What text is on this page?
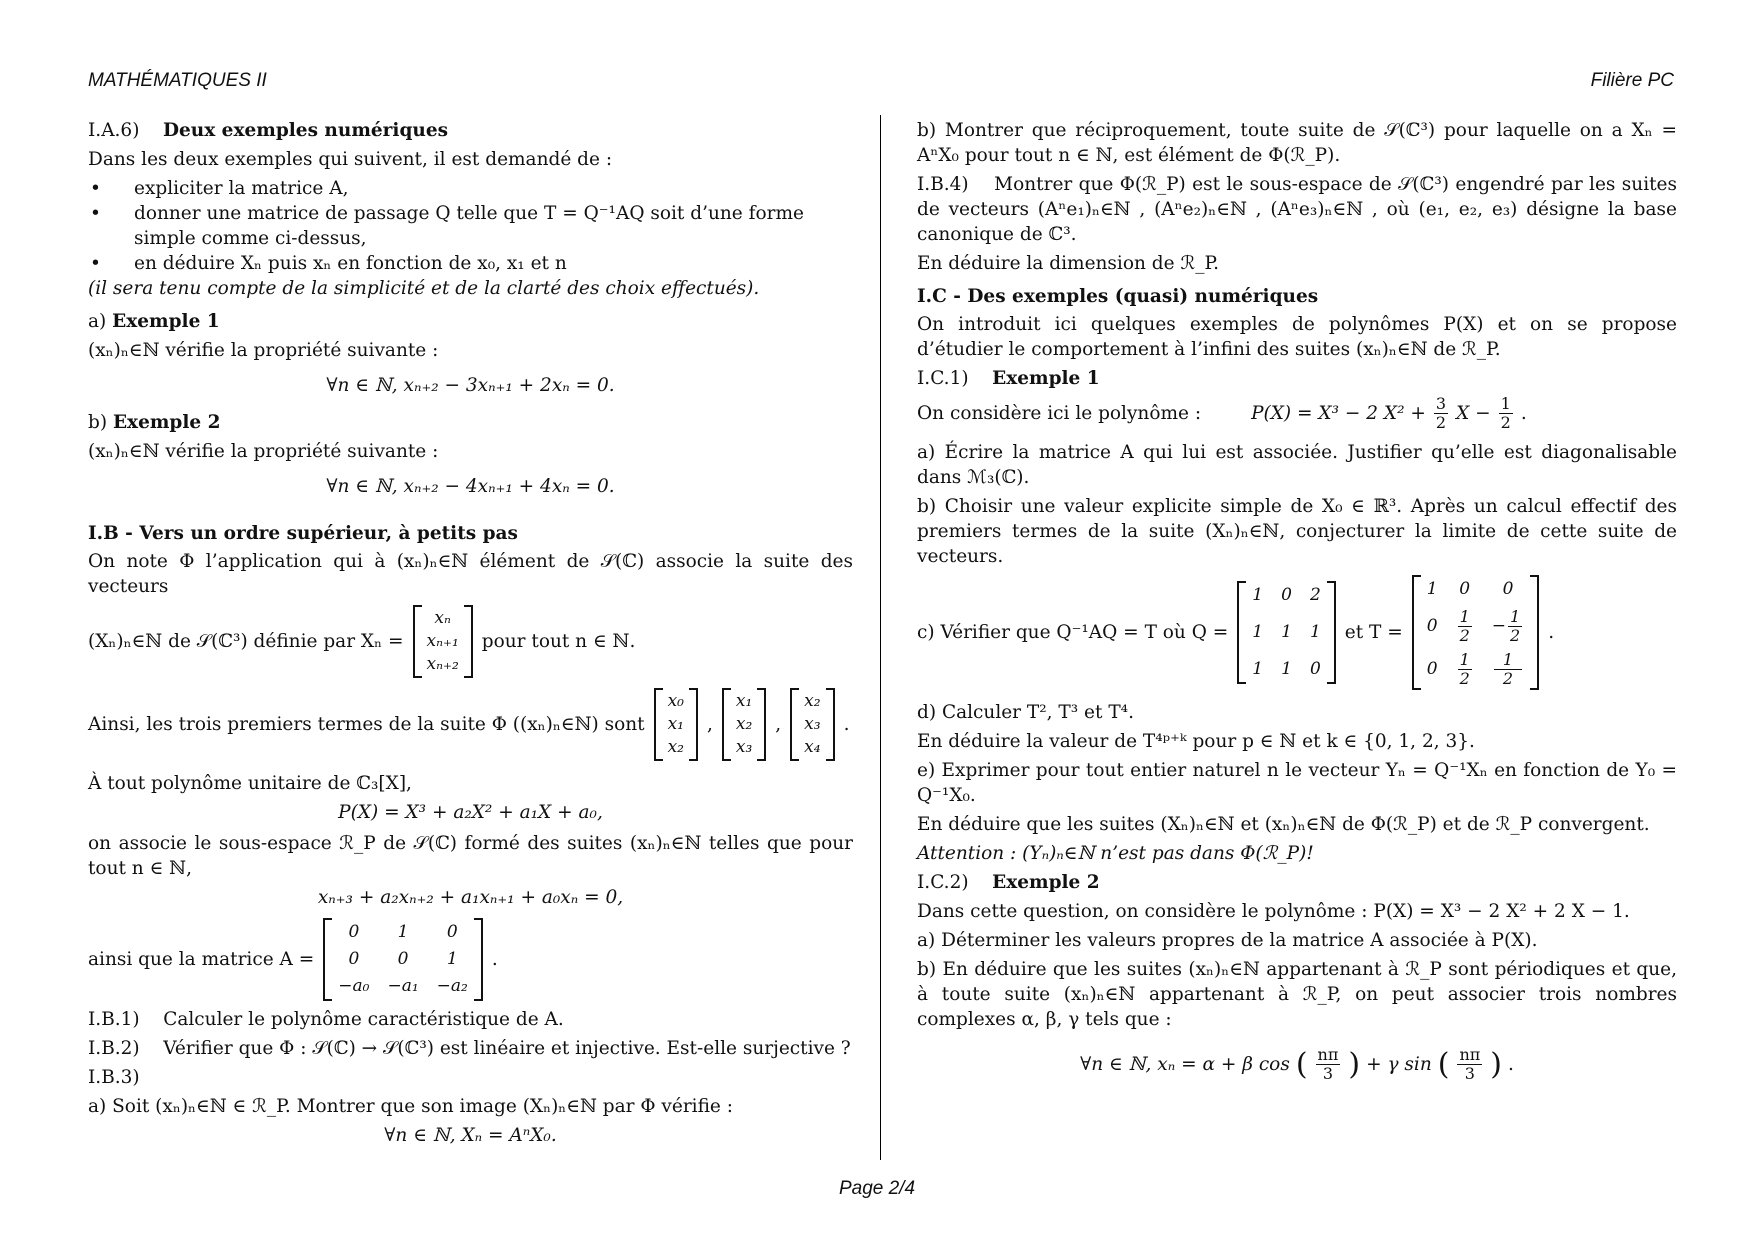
MATHÉMATIQUES II	Filière PC
I.A.6) Deux exemples numériques
Dans les deux exemples qui suivent, il est demandé de :
• expliciter la matrice A,
• donner une matrice de passage Q telle que T = Q⁻¹AQ soit d’une forme simple comme ci-dessus,
• en déduire Xₙ puis xₙ en fonction de x₀, x₁ et n
(il sera tenu compte de la simplicité et de la clarté des choix effectués).
a) Exemple 1
(xₙ)ₙ∈ℕ vérifie la propriété suivante :
∀n ∈ ℕ, xₙ₊₂ − 3xₙ₊₁ + 2xₙ = 0.
b) Exemple 2
(xₙ)ₙ∈ℕ vérifie la propriété suivante :
∀n ∈ ℕ, xₙ₊₂ − 4xₙ₊₁ + 4xₙ = 0.
I.B - Vers un ordre supérieur, à petits pas
On note Φ l’application qui à (xₙ)ₙ∈ℕ élément de 𝒮(ℂ) associe la suite des vecteurs
(Xₙ)ₙ∈ℕ de 𝒮(ℂ³) définie par Xₙ =
xₙ
xₙ₊₁
xₙ₊₂
pour tout n ∈ ℕ.
Ainsi, les trois premiers termes de la suite Φ ((xₙ)ₙ∈ℕ) sont
x₀
x₁
x₂
,
x₁
x₂
x₃
,
x₂
x₃
x₄
.
À tout polynôme unitaire de ℂ₃[X],
P(X) = X³ + a₂X² + a₁X + a₀,
on associe le sous-espace ℛ_P de 𝒮(ℂ) formé des suites (xₙ)ₙ∈ℕ telles que pour tout n ∈ ℕ,
xₙ₊₃ + a₂xₙ₊₂ + a₁xₙ₊₁ + a₀xₙ = 0,
ainsi que la matrice A =
0	1	0
0	0	1
−a₀ −a₁ −a₂
.
I.B.1) Calculer le polynôme caractéristique de A.
I.B.2) Vérifier que Φ : 𝒮(ℂ) → 𝒮(ℂ³) est linéaire et injective. Est-elle surjective ?
I.B.3)
a) Soit (xₙ)ₙ∈ℕ ∈ ℛ_P. Montrer que son image (Xₙ)ₙ∈ℕ par Φ vérifie :
∀n ∈ ℕ, Xₙ = AⁿX₀.
b) Montrer que réciproquement, toute suite de 𝒮(ℂ³) pour laquelle on a Xₙ = AⁿX₀ pour tout n ∈ ℕ, est élément de Φ(ℛ_P).
I.B.4) Montrer que Φ(ℛ_P) est le sous-espace de 𝒮(ℂ³) engendré par les suites de vecteurs (Aⁿe₁)ₙ∈ℕ , (Aⁿe₂)ₙ∈ℕ , (Aⁿe₃)ₙ∈ℕ , où (e₁, e₂, e₃) désigne la base canonique de ℂ³.
En déduire la dimension de ℛ_P.
I.C - Des exemples (quasi) numériques
On introduit ici quelques exemples de polynômes P(X) et on se propose d’étudier le comportement à l’infini des suites (xₙ)ₙ∈ℕ de ℛ_P.
I.C.1) Exemple 1
On considère ici le polynôme :	P(X) = X³ − 2 $X^2 + \frac{3}{2}$ $X - \frac{1}{2}$ .
a) Écrire la matrice A qui lui est associée. Justifier qu’elle est diagonalisable dans ℳ₃(ℂ).
b) Choisir une valeur explicite simple de X₀ ∈ ℝ³. Après un calcul effectif des premiers termes de la suite (Xₙ)ₙ∈ℕ, conjecturer la limite de cette suite de vecteurs.
c) Vérifier que Q⁻¹AQ = T où Q =
1 0 2
1 1 1
1 1 0
et T =
1 0	0
$0 \frac{1}{2} - \frac{1}{2}$
$0 \frac{1}{2} \frac{1}{2}$
.
d) Calculer T², T³ et T⁴.
En déduire la valeur de T⁴ᵖ⁺ᵏ pour p ∈ ℕ et k ∈ {0, 1, 2, 3}.
e) Exprimer pour tout entier naturel n le vecteur Yₙ = Q⁻¹Xₙ en fonction de Y₀ = Q⁻¹X₀.
En déduire que les suites (Xₙ)ₙ∈ℕ et (xₙ)ₙ∈ℕ de Φ(ℛ_P) et de ℛ_P convergent.
Attention : (Yₙ)ₙ∈ℕ n’est pas dans Φ(ℛ_P)!
I.C.2) Exemple 2
Dans cette question, on considère le polynôme : P(X) = X³ − 2 X² + 2 X − 1.
a) Déterminer les valeurs propres de la matrice A associée à P(X).
b) En déduire que les suites (xₙ)ₙ∈ℕ appartenant à ℛ_P sont périodiques et que, à toute suite (xₙ)ₙ∈ℕ appartenant à ℛ_P, on peut associer trois nombres complexes α, β, γ tels que :
∀n ∈ ℕ, xₙ = α + β cos ( $\frac{n\pi}{3}$ ) + γ sin ( $\frac{n\pi}{3}$ ) .
Page 2/4
